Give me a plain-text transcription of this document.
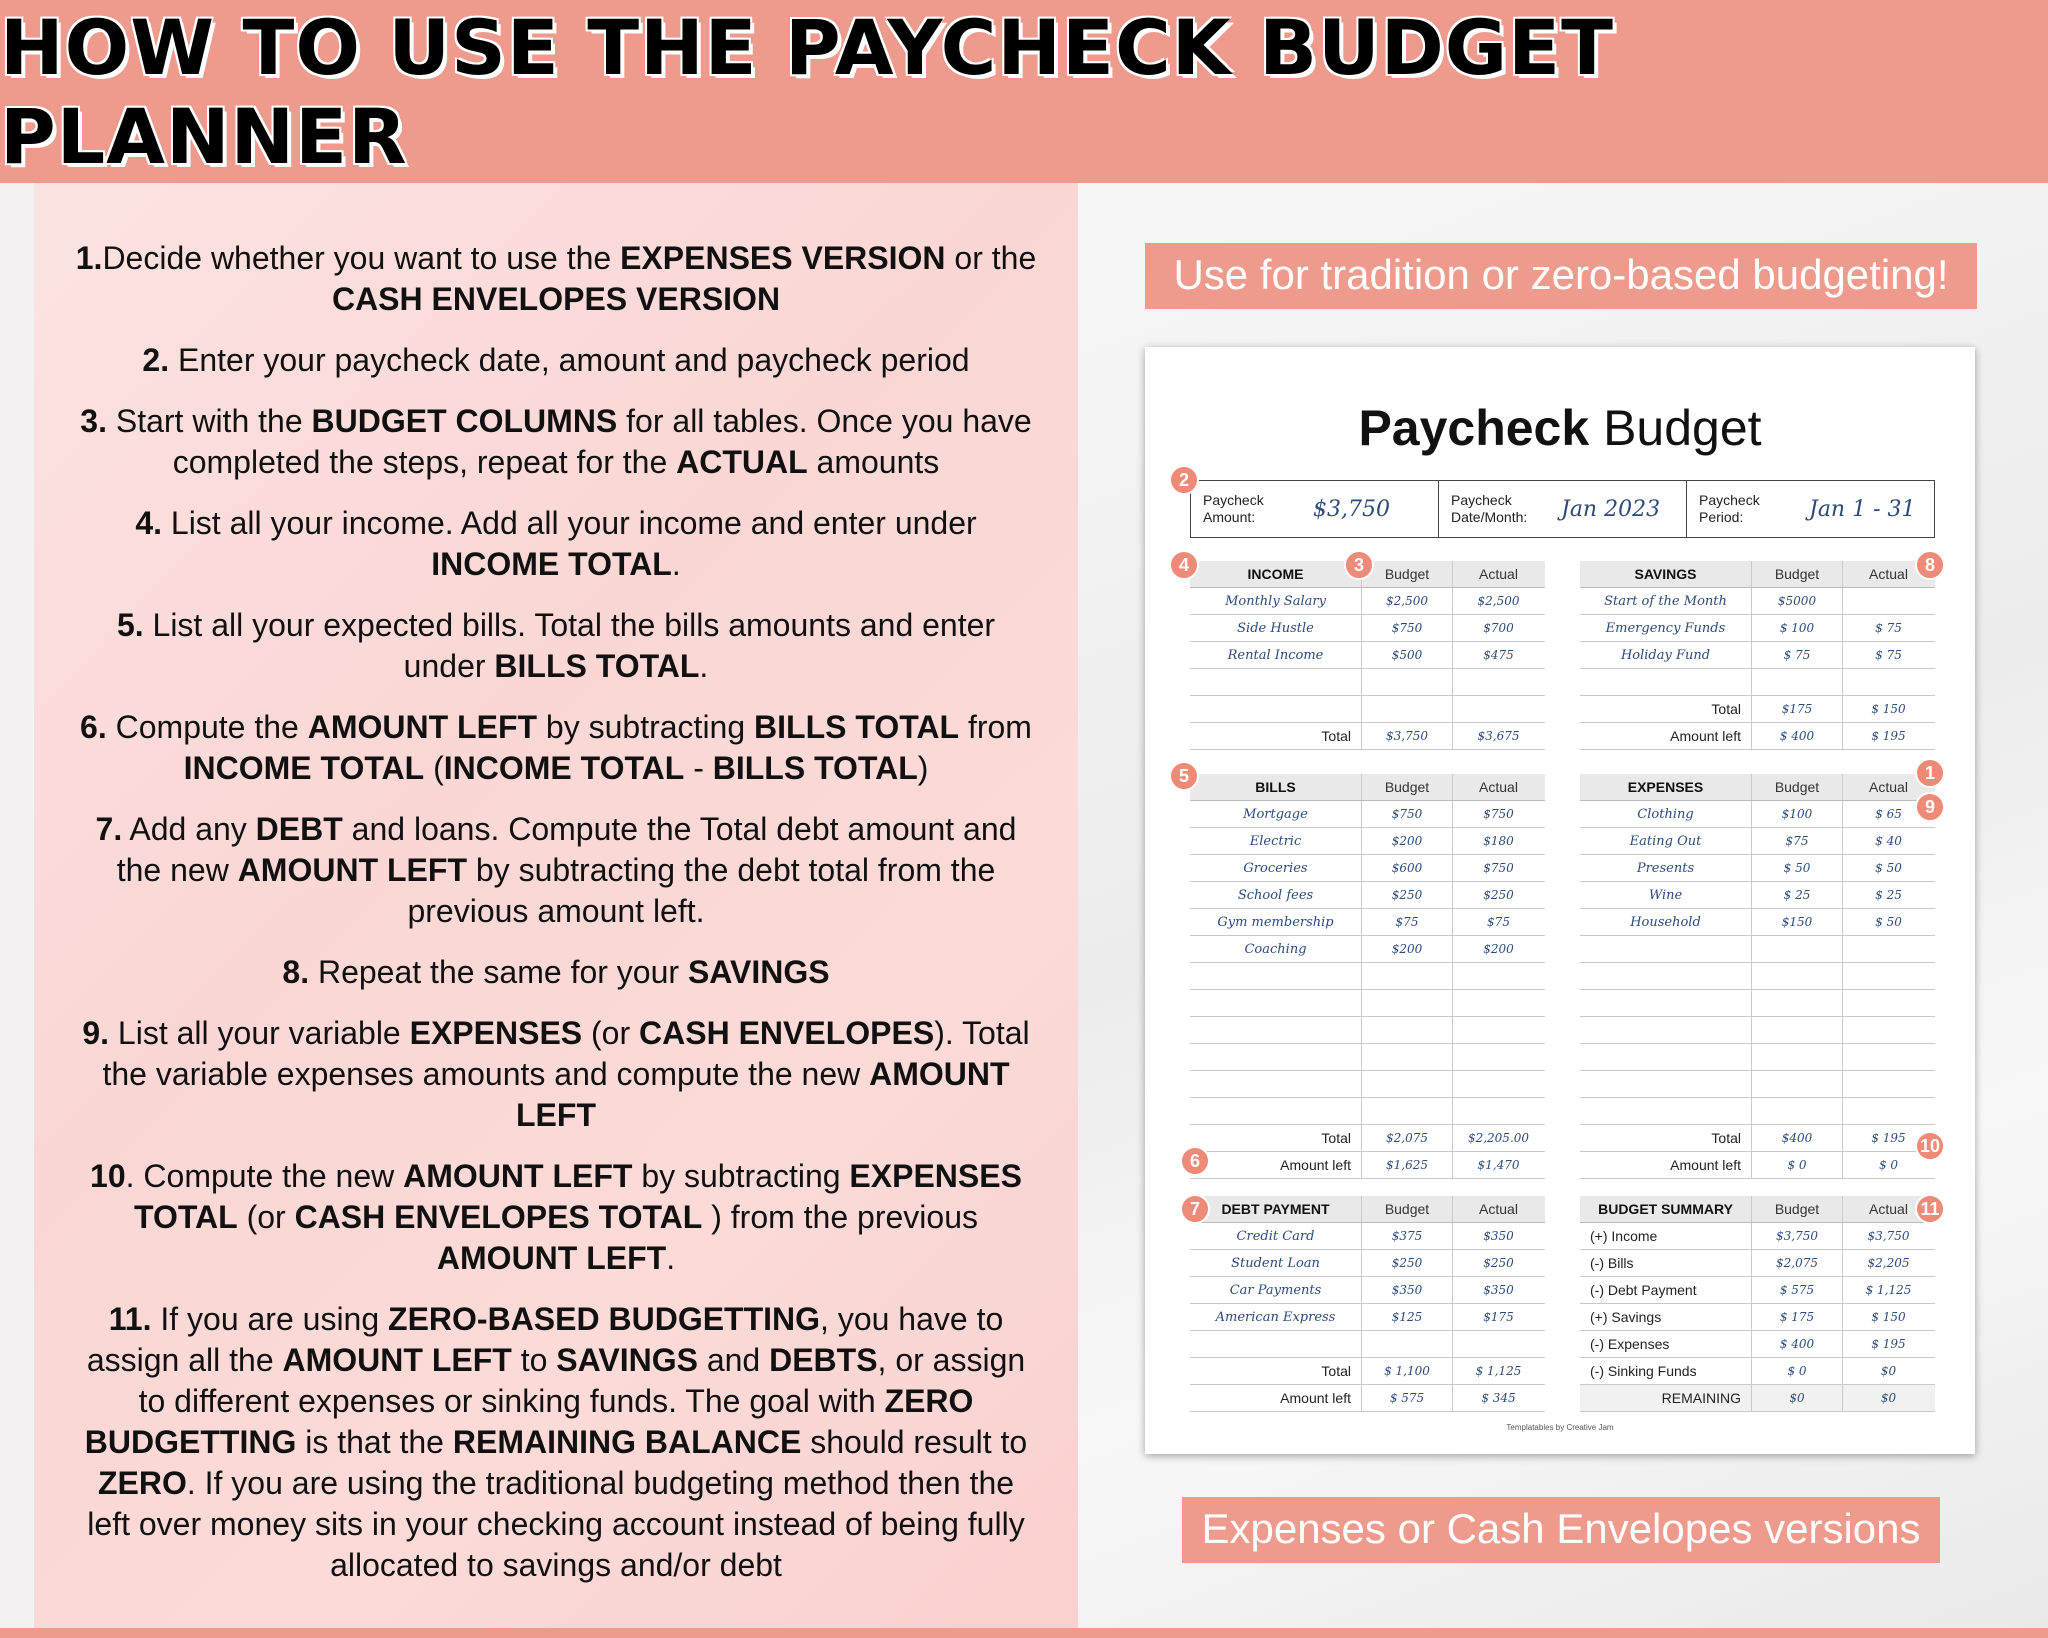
HOW TO USE THE PAYCHECK BUDGET PLANNER

1.Decide whether you want to use the EXPENSES VERSION or the CASH ENVELOPES VERSION

2. Enter your paycheck date, amount and paycheck period

3. Start with the BUDGET COLUMNS for all tables. Once you have completed the steps, repeat for the ACTUAL amounts

4. List all your income. Add all your income and enter under INCOME TOTAL.

5. List all your expected bills. Total the bills amounts and enter under BILLS TOTAL.

6. Compute the AMOUNT LEFT by subtracting BILLS TOTAL from INCOME TOTAL (INCOME TOTAL - BILLS TOTAL)

7. Add any DEBT and loans. Compute the Total debt amount and the new AMOUNT LEFT by subtracting the debt total from the previous amount left.

8. Repeat the same for your SAVINGS

9. List all your variable EXPENSES (or CASH ENVELOPES). Total the variable expenses amounts and compute the new AMOUNT LEFT

10. Compute the new AMOUNT LEFT by subtracting EXPENSES TOTAL (or CASH ENVELOPES TOTAL ) from the previous AMOUNT LEFT.

11. If you are using ZERO-BASED BUDGETTING, you have to assign all the AMOUNT LEFT to SAVINGS and DEBTS, or assign to different expenses or sinking funds. The goal with ZERO BUDGETTING is that the REMAINING BALANCE should result to ZERO. If you are using the traditional budgeting method then the left over money sits in your checking account instead of being fully allocated to savings and/or debt

Use for tradition or zero-based budgeting!
Paycheck Budget
Paycheck Amount:	$3,750	Paycheck Date/Month:	Jan 2023	Paycheck Period:	Jan 1 - 31
INCOME	Budget	Actual
Monthly Salary	$2,500	$2,500
Side Hustle	$750	$700
Rental Income	$500	$475
Total	$3,750	$3,675
SAVINGS	Budget	Actual
Start of the Month	$5000
Emergency Funds	$ 100	$ 75
Holiday Fund	$ 75	$ 75
Total	$175	$ 150
Amount left	$ 400	$ 195
BILLS	Budget	Actual
Mortgage	$750	$750
Electric	$200	$180
Groceries	$600	$750
School fees	$250	$250
Gym membership	$75	$75
Coaching	$200	$200
Total	$2,075	$2,205.00
Amount left	$1,625	$1,470
EXPENSES	Budget	Actual
Clothing	$100	$ 65
Eating Out	$75	$ 40
Presents	$ 50	$ 50
Wine	$ 25	$ 25
Household	$150	$ 50
Total	$400	$ 195
Amount left	$ 0	$ 0
DEBT PAYMENT	Budget	Actual
Credit Card	$375	$350
Student Loan	$250	$250
Car Payments	$350	$350
American Express	$125	$175
Total	$ 1,100	$ 1,125
Amount left	$ 575	$ 345
BUDGET SUMMARY	Budget	Actual
(+) Income	$3,750	$3,750
(-) Bills	$2,075	$2,205
(-) Debt Payment	$ 575	$ 1,125
(+) Savings	$ 175	$ 150
(-) Expenses	$ 400	$ 195
(-) Sinking Funds	$ 0	$0
REMAINING	$0	$0
Templatables by Creative Jam
2
4	3	8
5	1
9
6
10
7	11
Expenses or Cash Envelopes versions
